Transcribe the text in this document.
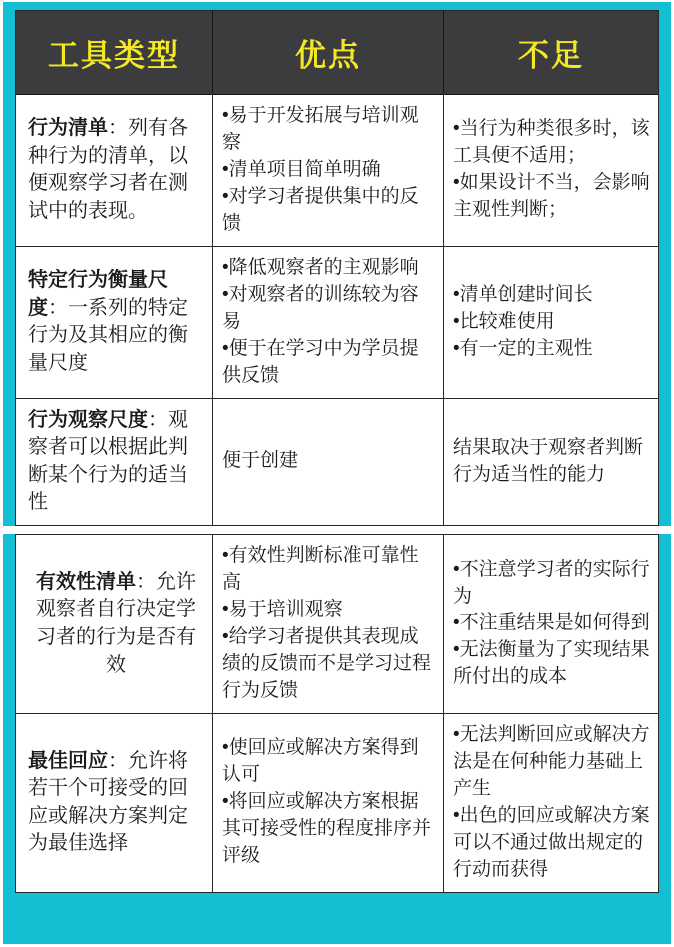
工具类型	优点	不足
行为清单：列有各种行为的清单，以便观察学习者在测试中的表现。
•易于开发拓展与培训观察
•清单项目简单明确
•对学习者提供集中的反馈
•当行为种类很多时，该工具便不适用；
•如果设计不当，会影响主观性判断；
特定行为衡量尺度：一系列的特定行为及其相应的衡量尺度
•降低观察者的主观影响
•对观察者的训练较为容易
•便于在学习中为学员提供反馈
•清单创建时间长
•比较难使用
•有一定的主观性
行为观察尺度：观察者可以根据此判断某个行为的适当性
便于创建
结果取决于观察者判断行为适当性的能力
有效性清单：允许观察者自行决定学习者的行为是否有效
•有效性判断标准可靠性高
•易于培训观察
•给学习者提供其表现成绩的反馈而不是学习过程行为反馈
•不注意学习者的实际行为
•不注重结果是如何得到
•无法衡量为了实现结果所付出的成本
最佳回应：允许将若干个可接受的回应或解决方案判定为最佳选择
•使回应或解决方案得到认可
•将回应或解决方案根据其可接受性的程度排序并评级
•无法判断回应或解决方法是在何种能力基础上产生
•出色的回应或解决方案可以不通过做出规定的行动而获得
